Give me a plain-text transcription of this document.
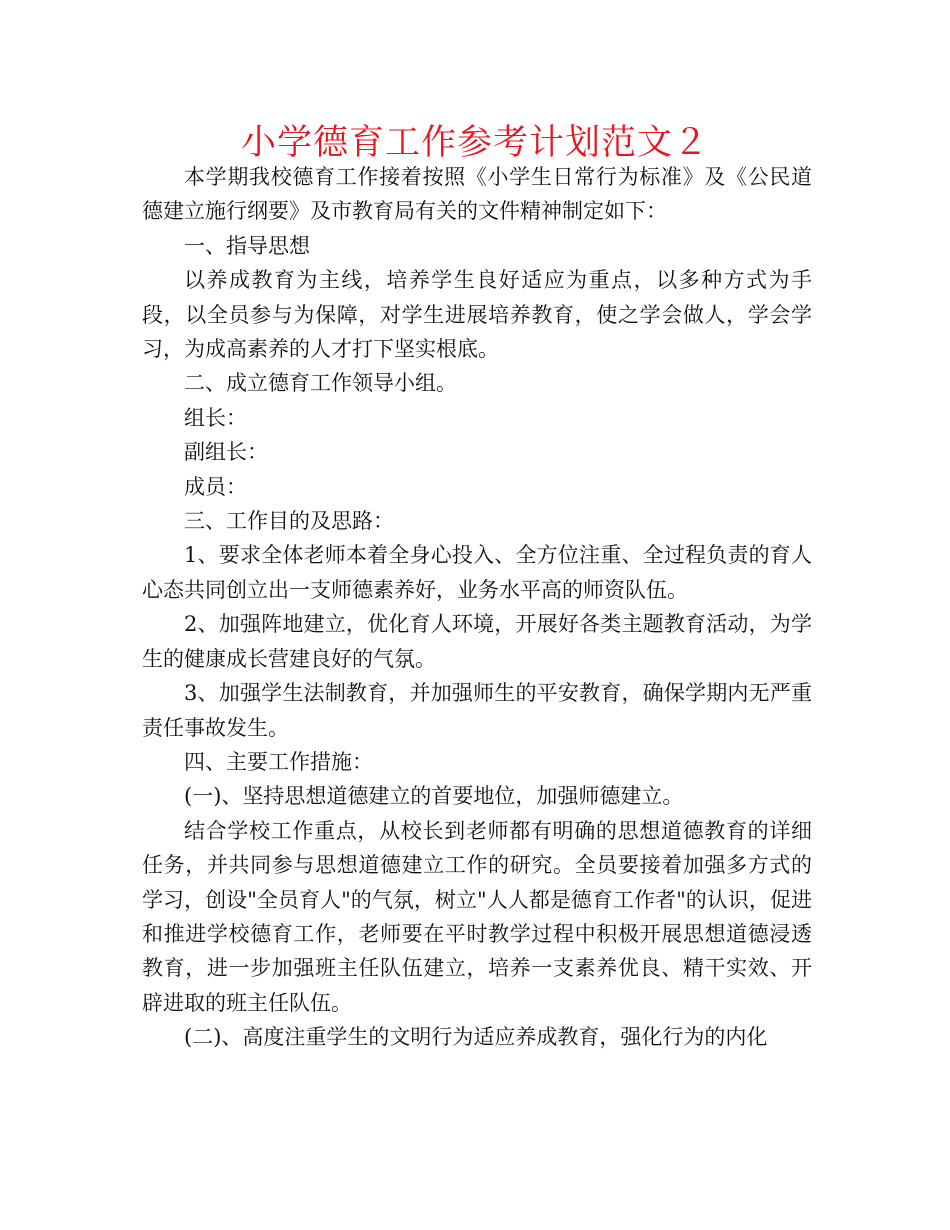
小学德育工作参考计划范文２

本学期我校德育工作接着按照《小学生日常行为标准》及《公民道德建立施行纲要》及市教育局有关的文件精神制定如下：

一、指导思想

以养成教育为主线，培养学生良好适应为重点，以多种方式为手段，以全员参与为保障，对学生进展培养教育，使之学会做人，学会学习，为成高素养的人才打下坚实根底。

二、成立德育工作领导小组。

组长：

副组长：

成员：

三、工作目的及思路：

1、要求全体老师本着全身心投入、全方位注重、全过程负责的育人心态共同创立出一支师德素养好，业务水平高的师资队伍。

2、加强阵地建立，优化育人环境，开展好各类主题教育活动，为学生的健康成长营建良好的气氛。

3、加强学生法制教育，并加强师生的平安教育，确保学期内无严重责任事故发生。

四、主要工作措施：

(一)、坚持思想道德建立的首要地位，加强师德建立。

结合学校工作重点，从校长到老师都有明确的思想道德教育的详细任务，并共同参与思想道德建立工作的研究。全员要接着加强多方式的学习，创设"全员育人"的气氛，树立"人人都是德育工作者"的认识，促进和推进学校德育工作，老师要在平时教学过程中积极开展思想道德浸透教育，进一步加强班主任队伍建立，培养一支素养优良、精干实效、开辟进取的班主任队伍。

(二)、高度注重学生的文明行为适应养成教育，强化行为的内化
